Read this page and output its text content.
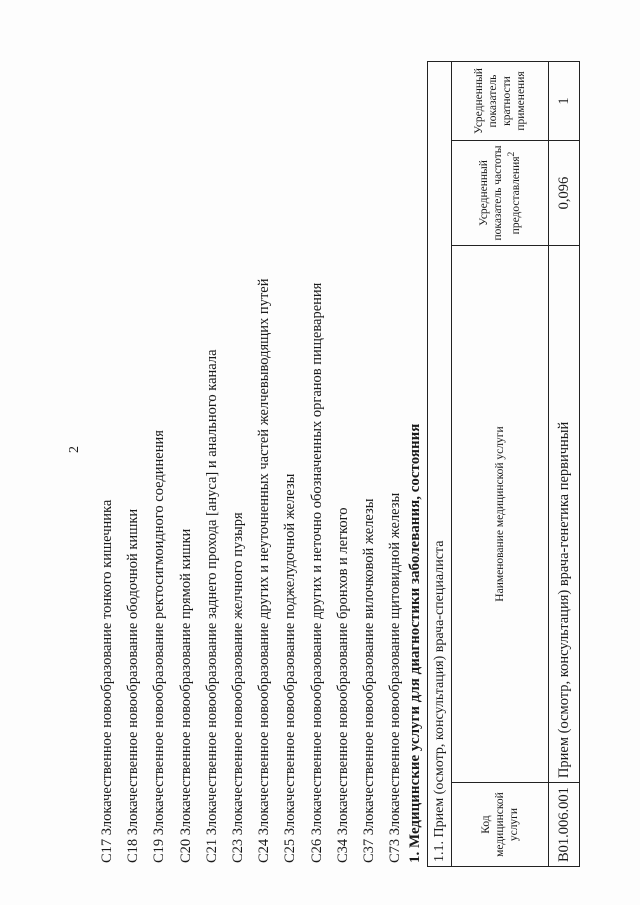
2
C17 Злокачественное новообразование тонкого кишечника
C18 Злокачественное новообразование ободочной кишки
C19 Злокачественное новообразование ректосигмоидного соединения
C20 Злокачественное новообразование прямой кишки
C21 Злокачественное новообразование заднего прохода [ануса] и анального канала
C23 Злокачественное новообразование желчного пузыря
C24 Злокачественное новообразование других и неуточненных частей желчевыводящих путей
C25 Злокачественное новообразование поджелудочной железы
C26 Злокачественное новообразование других и неточно обозначенных органов пищеварения
C34 Злокачественное новообразование бронхов и легкого
C37 Злокачественное новообразование вилочковой железы
C73 Злокачественное новообразование щитовидной железы 1. Медицинские услуги для диагностики заболевания, состояния 1.1. Прием (осмотр, консультация) врача-специалиста			
Код медицинской услуги	Наименование медицинской услуги	Усредненный показатель частоты предоставления$^2$	Усредненный показатель кратности применения
B01.006.001	Прием (осмотр, консультация) врача-генетика первичный	0,096	1
